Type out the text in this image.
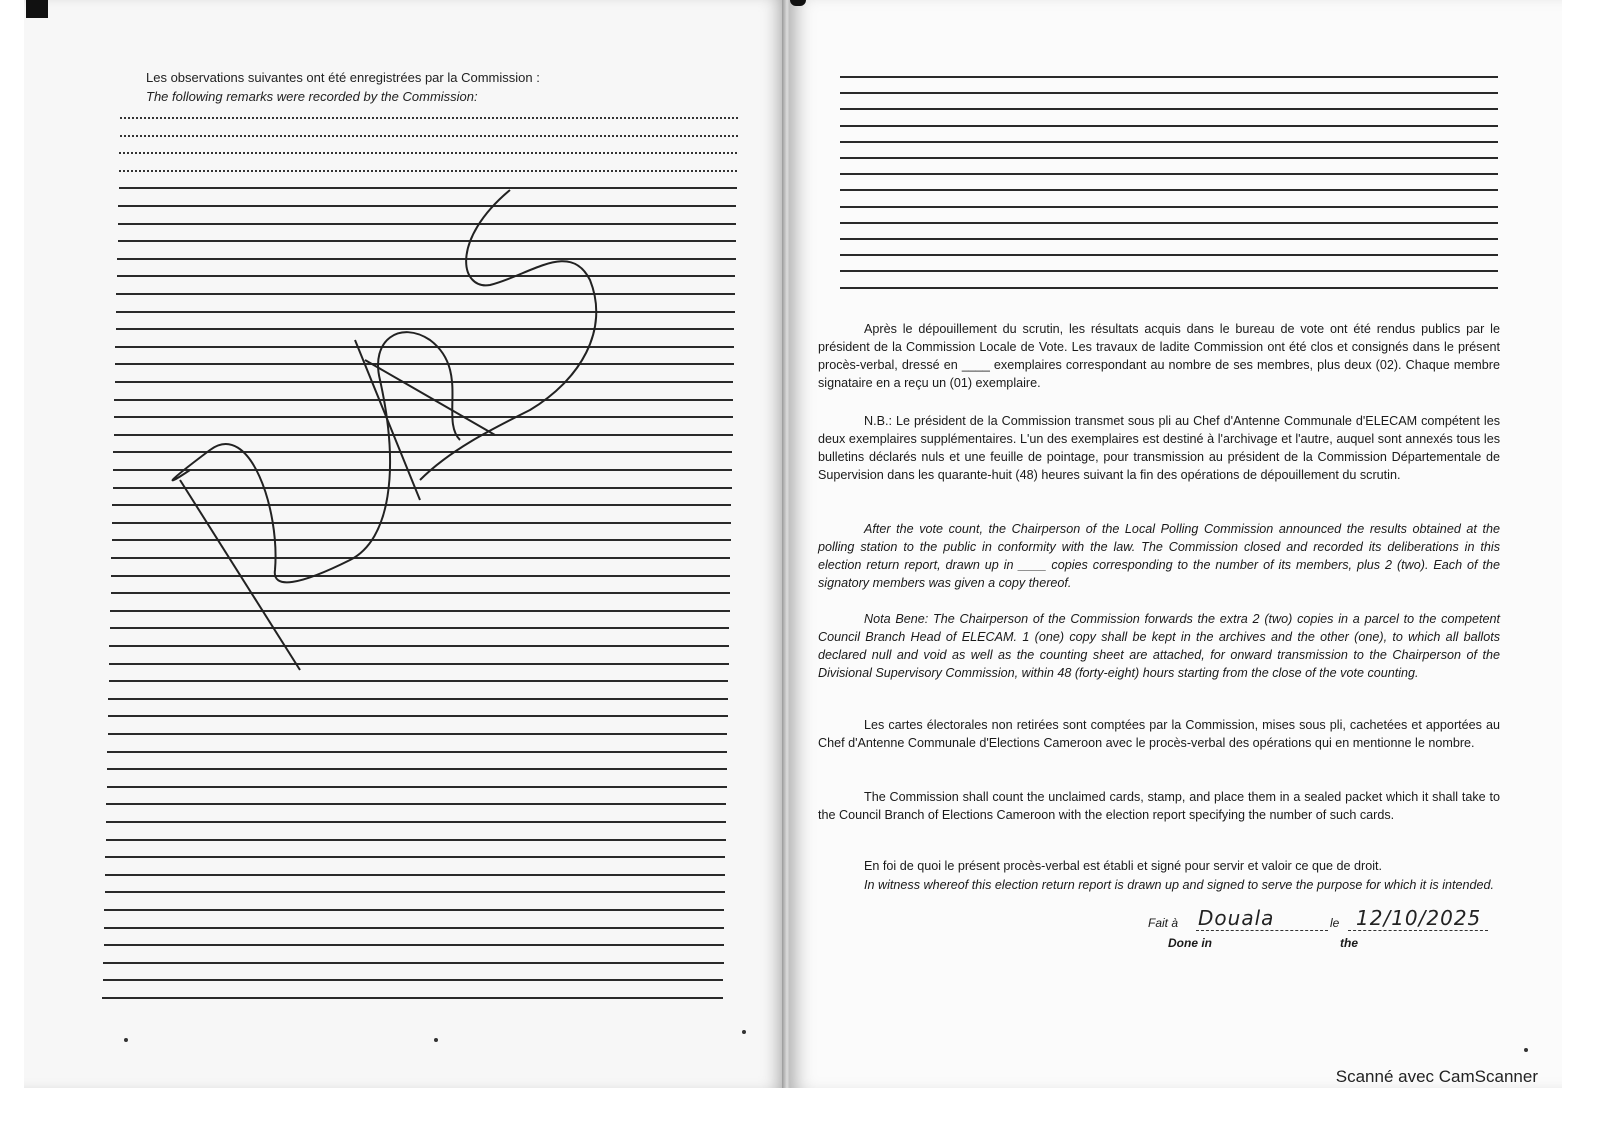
Les observations suivantes ont été enregistrées par la Commission :
The following remarks were recorded by the Commission:

Après le dépouillement du scrutin, les résultats acquis dans le bureau de vote ont été rendus publics par le président de la Commission Locale de Vote. Les travaux de ladite Commission ont été clos et consignés dans le présent procès-verbal, dressé en ____ exemplaires correspondant au nombre de ses membres, plus deux (02). Chaque membre signataire en a reçu un (01) exemplaire.

N.B.: Le président de la Commission transmet sous pli au Chef d'Antenne Communale d'ELECAM compétent les deux exemplaires supplémentaires. L'un des exemplaires est destiné à l'archivage et l'autre, auquel sont annexés tous les bulletins déclarés nuls et une feuille de pointage, pour transmission au président de la Commission Départementale de Supervision dans les quarante-huit (48) heures suivant la fin des opérations de dépouillement du scrutin.

After the vote count, the Chairperson of the Local Polling Commission announced the results obtained at the polling station to the public in conformity with the law. The Commission closed and recorded its deliberations in this election return report, drawn up in ____ copies corresponding to the number of its members, plus 2 (two). Each of the signatory members was given a copy thereof.

Nota Bene: The Chairperson of the Commission forwards the extra 2 (two) copies in a parcel to the competent Council Branch Head of ELECAM. 1 (one) copy shall be kept in the archives and the other (one), to which all ballots declared null and void as well as the counting sheet are attached, for onward transmission to the Chairperson of the Divisional Supervisory Commission, within 48 (forty-eight) hours starting from the close of the vote counting.

Les cartes électorales non retirées sont comptées par la Commission, mises sous pli, cachetées et apportées au Chef d'Antenne Communale d'Elections Cameroon avec le procès-verbal des opérations qui en mentionne le nombre.

The Commission shall count the unclaimed cards, stamp, and place them in a sealed packet which it shall take to the Council Branch of Elections Cameroon with the election report specifying the number of such cards.

En foi de quoi le présent procès-verbal est établi et signé pour servir et valoir ce que de droit.

In witness whereof this election return report is drawn up and signed to serve the purpose for which it is intended.

Fait à
Done in
Douala	le
the
12/10/2025
Scanné avec CamScanner
